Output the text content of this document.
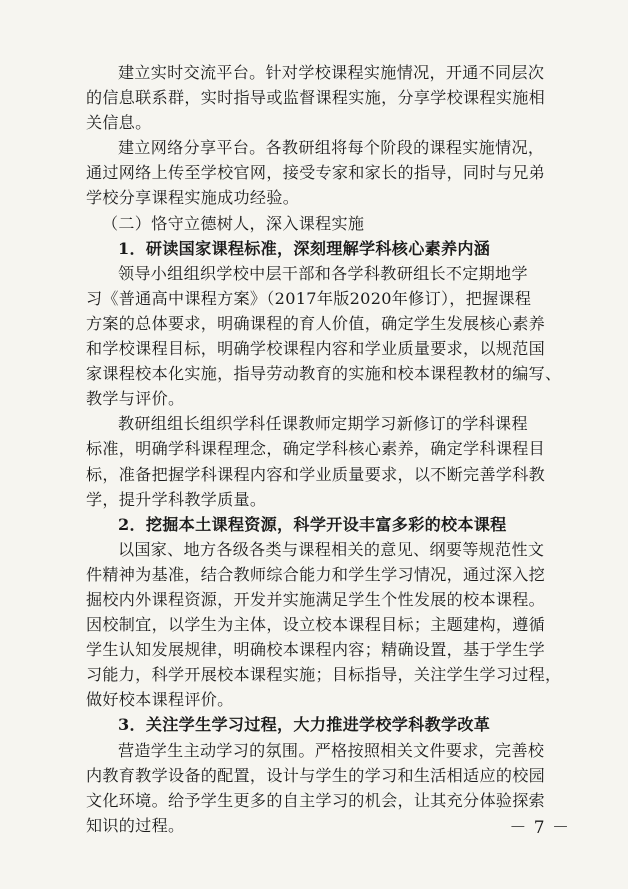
建立实时交流平台。针对学校课程实施情况，开通不同层次
的信息联系群，实时指导或监督课程实施，分享学校课程实施相
关信息。
建立网络分享平台。各教研组将每个阶段的课程实施情况，
通过网络上传至学校官网，接受专家和家长的指导，同时与兄弟
学校分享课程实施成功经验。
（二）恪守立德树人，深入课程实施
1．研读国家课程标准，深刻理解学科核心素养内涵
领导小组组织学校中层干部和各学科教研组长不定期地学
习《普通高中课程方案》（2017年版2020年修订），把握课程
方案的总体要求，明确课程的育人价值，确定学生发展核心素养
和学校课程目标，明确学校课程内容和学业质量要求，以规范国
家课程校本化实施，指导劳动教育的实施和校本课程教材的编写、
教学与评价。
教研组组长组织学科任课教师定期学习新修订的学科课程
标准，明确学科课程理念，确定学科核心素养，确定学科课程目
标，准备把握学科课程内容和学业质量要求，以不断完善学科教
学，提升学科教学质量。
2．挖掘本土课程资源，科学开设丰富多彩的校本课程
以国家、地方各级各类与课程相关的意见、纲要等规范性文
件精神为基准，结合教师综合能力和学生学习情况，通过深入挖
掘校内外课程资源，开发并实施满足学生个性发展的校本课程。
因校制宜，以学生为主体，设立校本课程目标；主题建构，遵循
学生认知发展规律，明确校本课程内容；精确设置，基于学生学
习能力，科学开展校本课程实施；目标指导，关注学生学习过程，
做好校本课程评价。
3．关注学生学习过程，大力推进学校学科教学改革
营造学生主动学习的氛围。严格按照相关文件要求，完善校
内教育教学设备的配置，设计与学生的学习和生活相适应的校园
文化环境。给予学生更多的自主学习的机会，让其充分体验探索
知识的过程。	－ 7 －
